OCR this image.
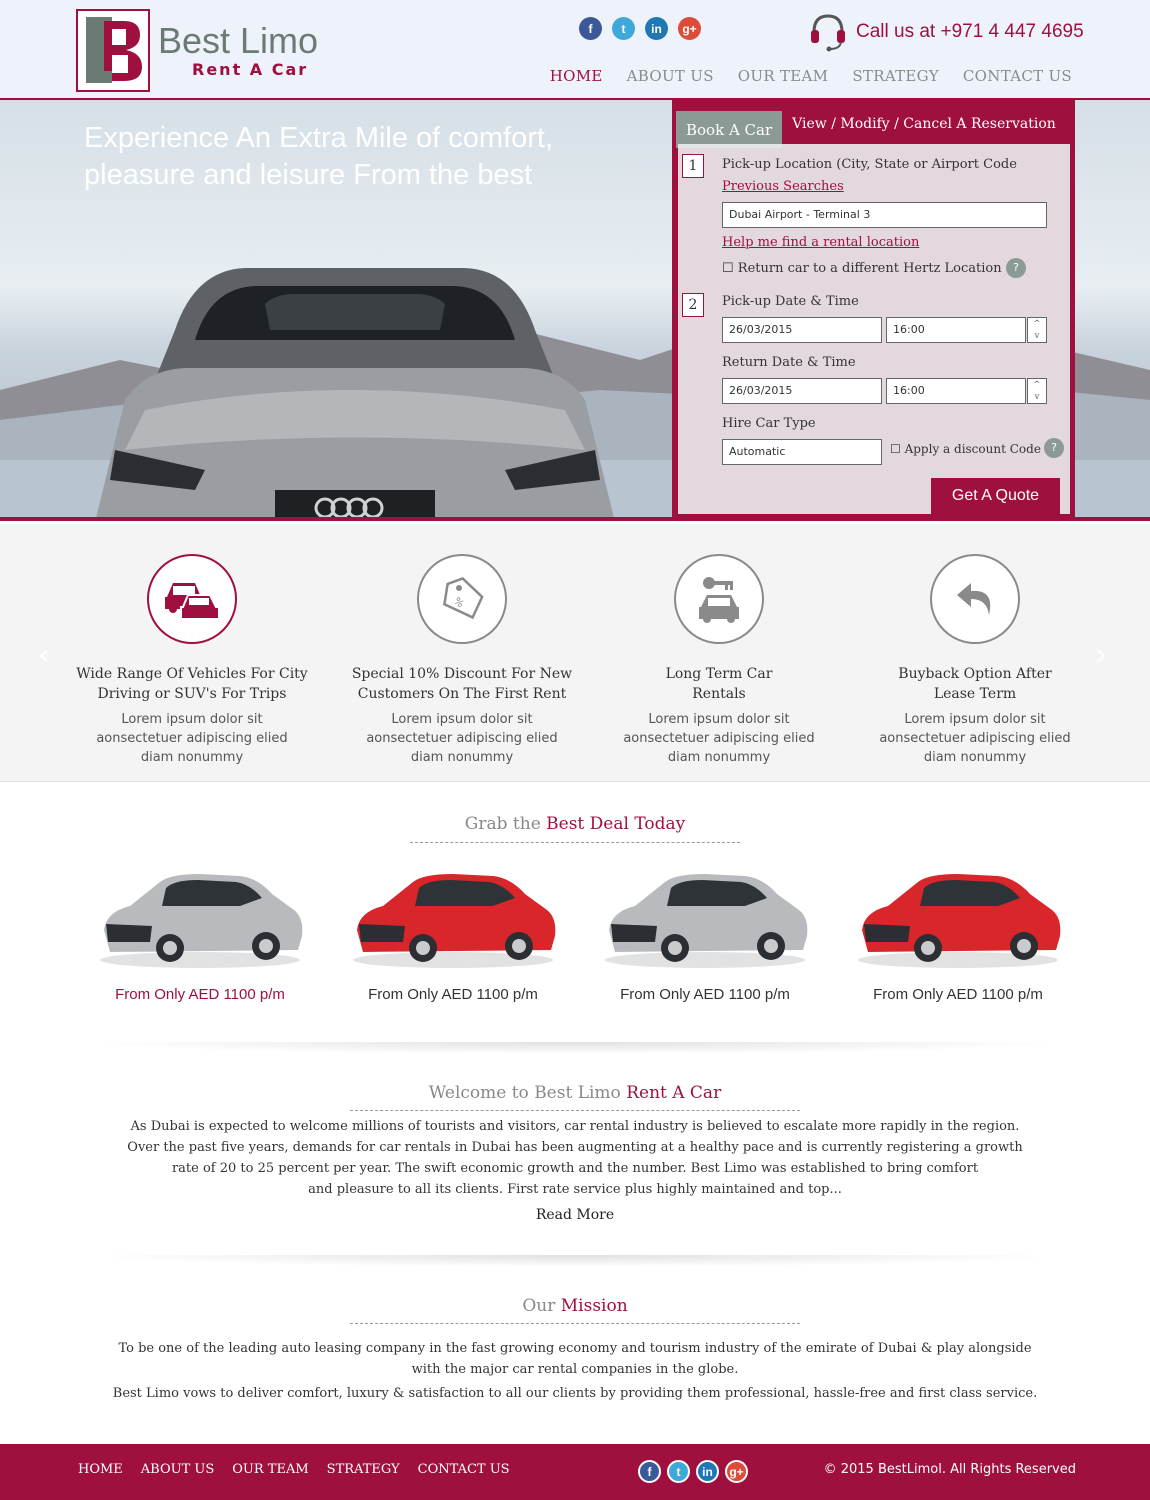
Best Limo
Rent A Car
f	t	in	g+	Call us at +971 4 447 4695
HOME ABOUT US OUR TEAM STRATEGY CONTACT US
Experience An Extra Mile of comfort, pleasure and leisure From the best
Book A Car	View / Modify / Cancel A Reservation
1	Pick-up Location (City, State or Airport Code
Previous Searches
Dubai Airport - Terminal 3
Help me find a rental location
☐ Return car to a different Hertz Location	?
2	Pick-up Date & Time
26/03/2015	16:00	^
v
Return Date & Time
26/03/2015	16:00	^
v
Hire Car Type
Automatic	☐ Apply a discount Code ?
Get A Quote
‹	›
Wide Range Of Vehicles For City
Driving or SUV's For Trips

Lorem ipsum dolor sit
aonsectetuer adipiscing elied
diam nonummy

%
Special 10% Discount For New
Customers On The First Rent

Lorem ipsum dolor sit
aonsectetuer adipiscing elied
diam nonummy

Long Term Car
Rentals

Lorem ipsum dolor sit
aonsectetuer adipiscing elied
diam nonummy

Buyback Option After
Lease Term

Lorem ipsum dolor sit
aonsectetuer adipiscing elied
diam nonummy

Grab the Best Deal Today
From Only AED 1100 p/m	From Only AED 1100 p/m	From Only AED 1100 p/m	From Only AED 1100 p/m
Welcome to Best Limo Rent A Car
As Dubai is expected to welcome millions of tourists and visitors, car rental industry is believed to escalate more rapidly in the region.
Over the past five years, demands for car rentals in Dubai has been augmenting at a healthy pace and is currently registering a growth
rate of 20 to 25 percent per year. The swift economic growth and the number. Best Limo was established to bring comfort
and pleasure to all its clients. First rate service plus highly maintained and top...
Read More
Our Mission
To be one of the leading auto leasing company in the fast growing economy and tourism industry of the emirate of Dubai & play alongside
with the major car rental companies in the globe.
Best Limo vows to deliver comfort, luxury & satisfaction to all our clients by providing them professional, hassle-free and first class service.
HOME ABOUT US OUR TEAM STRATEGY CONTACT US	f	t	in	g+	© 2015 BestLimol. All Rights Reserved
